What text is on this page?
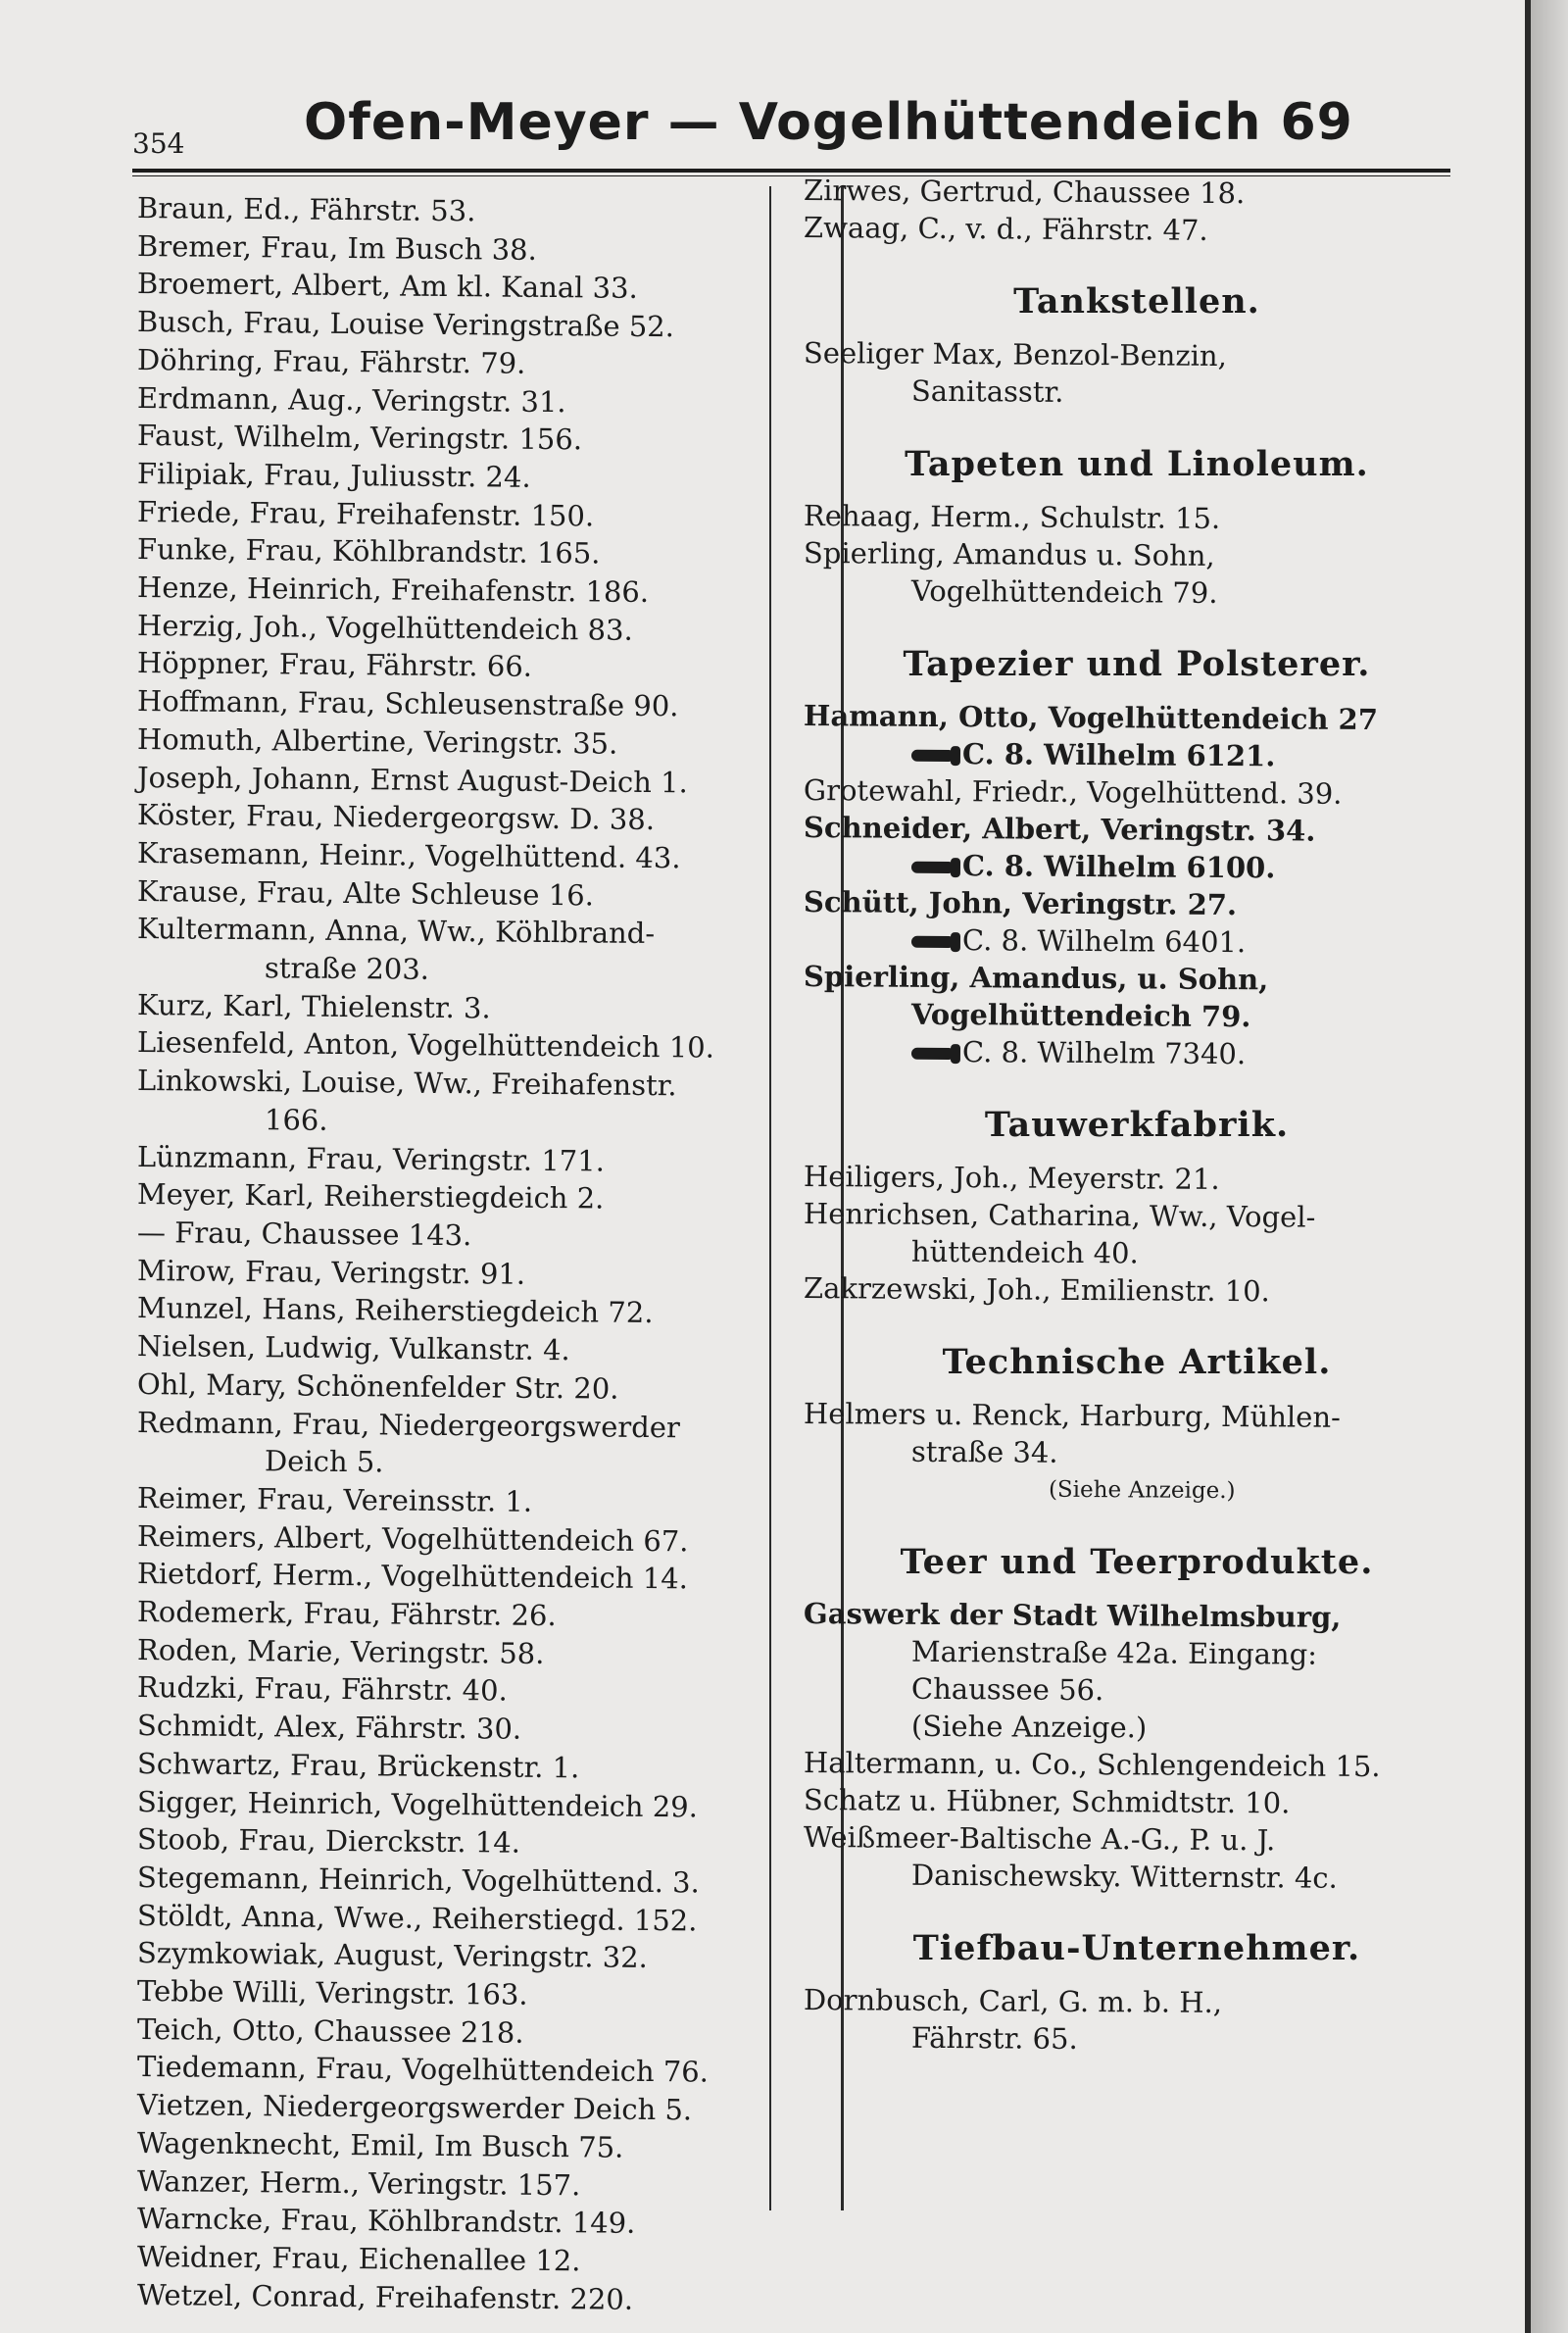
354 Ofen-Meyer — Vogelhüttendeich 69
Braun, Ed., Fährstr. 53.
Bremer, Frau, Im Busch 38.
Broemert, Albert, Am kl. Kanal 33.
Busch, Frau, Louise Veringstraße 52.
Döhring, Frau, Fährstr. 79.
Erdmann, Aug., Veringstr. 31.
Faust, Wilhelm, Veringstr. 156.
Filipiak, Frau, Juliusstr. 24.
Friede, Frau, Freihafenstr. 150.
Funke, Frau, Köhlbrandstr. 165.
Henze, Heinrich, Freihafenstr. 186.
Herzig, Joh., Vogelhüttendeich 83.
Höppner, Frau, Fährstr. 66.
Hoffmann, Frau, Schleusenstraße 90.
Homuth, Albertine, Veringstr. 35.
Joseph, Johann, Ernst August-Deich 1.
Köster, Frau, Niedergeorgsw. D. 38.
Krasemann, Heinr., Vogelhüttend. 43.
Krause, Frau, Alte Schleuse 16.
Kultermann, Anna, Ww., Köhlbrand-
straße 203.
Kurz, Karl, Thielenstr. 3.
Liesenfeld, Anton, Vogelhüttendeich 10.
Linkowski, Louise, Ww., Freihafenstr.
166.
Lünzmann, Frau, Veringstr. 171.
Meyer, Karl, Reiherstiegdeich 2.
— Frau, Chaussee 143.
Mirow, Frau, Veringstr. 91.
Munzel, Hans, Reiherstiegdeich 72.
Nielsen, Ludwig, Vulkanstr. 4.
Ohl, Mary, Schönenfelder Str. 20.
Redmann, Frau, Niedergeorgswerder
Deich 5.
Reimer, Frau, Vereinsstr. 1.
Reimers, Albert, Vogelhüttendeich 67.
Rietdorf, Herm., Vogelhüttendeich 14.
Rodemerk, Frau, Fährstr. 26.
Roden, Marie, Veringstr. 58.
Rudzki, Frau, Fährstr. 40.
Schmidt, Alex, Fährstr. 30.
Schwartz, Frau, Brückenstr. 1.
Sigger, Heinrich, Vogelhüttendeich 29.
Stoob, Frau, Dierckstr. 14.
Stegemann, Heinrich, Vogelhüttend. 3.
Stöldt, Anna, Wwe., Reiherstiegd. 152.
Szymkowiak, August, Veringstr. 32.
Tebbe Willi, Veringstr. 163.
Teich, Otto, Chaussee 218.
Tiedemann, Frau, Vogelhüttendeich 76.
Vietzen, Niedergeorgswerder Deich 5.
Wagenknecht, Emil, Im Busch 75.
Wanzer, Herm., Veringstr. 157.
Warncke, Frau, Köhlbrandstr. 149.
Weidner, Frau, Eichenallee 12.
Wetzel, Conrad, Freihafenstr. 220.
Zirwes, Gertrud, Chaussee 18.
Zwaag, C., v. d., Fährstr. 47.
Tankstellen.
Seeliger Max, Benzol-Benzin,
Sanitasstr.
Tapeten und Linoleum.
Rehaag, Herm., Schulstr. 15.
Spierling, Amandus u. Sohn,
Vogelhüttendeich 79.
Tapezier und Polsterer.
Hamann, Otto, Vogelhüttendeich 27
C. 8. Wilhelm 6121.
Grotewahl, Friedr., Vogelhüttend. 39.
Schneider, Albert, Veringstr. 34.
C. 8. Wilhelm 6100.
Schütt, John, Veringstr. 27.
C. 8. Wilhelm 6401.
Spierling, Amandus, u. Sohn,
Vogelhüttendeich 79.
C. 8. Wilhelm 7340.
Tauwerkfabrik.
Heiligers, Joh., Meyerstr. 21.
Henrichsen, Catharina, Ww., Vogel-
hüttendeich 40.
Zakrzewski, Joh., Emilienstr. 10.
Technische Artikel.
Helmers u. Renck, Harburg, Mühlen-
straße 34.
(Siehe Anzeige.)
Teer und Teerprodukte.
Gaswerk der Stadt Wilhelmsburg,
Marienstraße 42a. Eingang:
Chaussee 56.
(Siehe Anzeige.)
Haltermann, u. Co., Schlengendeich 15.
Schatz u. Hübner, Schmidtstr. 10.
Weißmeer-Baltische A.-G., P. u. J.
Danischewsky. Witternstr. 4c.
Tiefbau-Unternehmer.
Dornbusch, Carl, G. m. b. H.,
Fährstr. 65.
